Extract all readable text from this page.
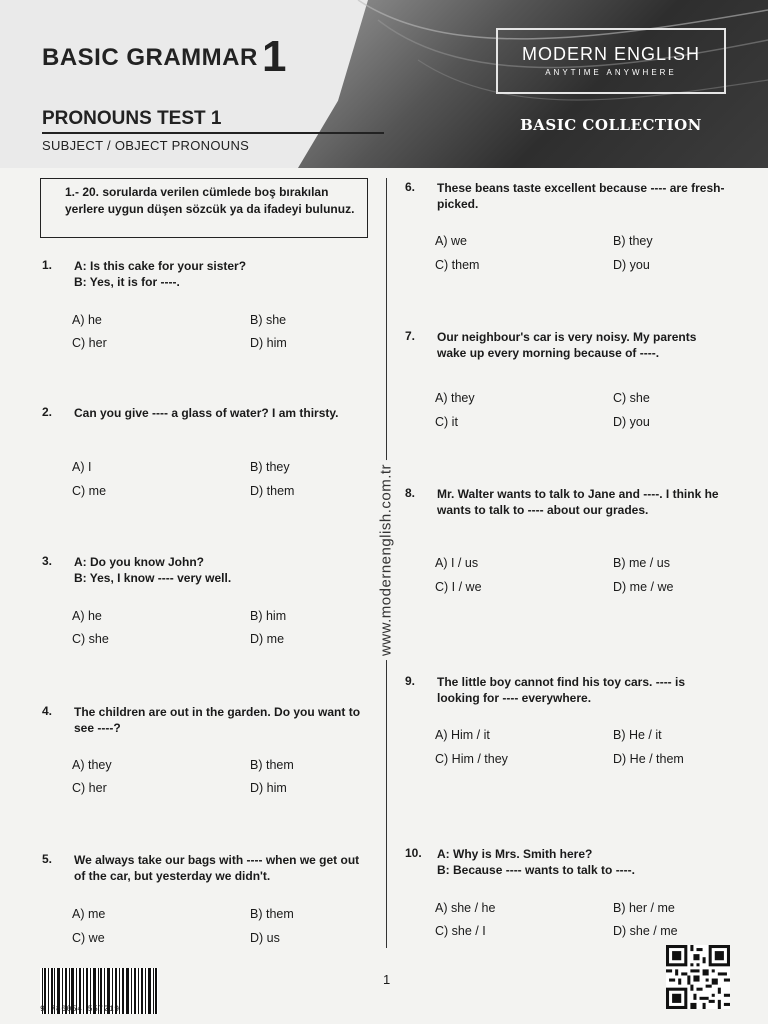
BASIC GRAMMAR 1
PRONOUNS TEST 1
SUBJECT / OBJECT PRONOUNS
MODERN ENGLISH
ANYTIME ANYWHERE
BASIC COLLECTION
1.- 20. sorularda verilen cümlede boş bırakılan yerlere uygun düşen sözcük ya da ifadeyi bulunuz.
www.modernenglish.com.tr
1. A: Is this cake for your sister?
B: Yes, it is for ----.
A) he	B) she
C) her	D) him
2. Can you give ---- a glass of water? I am thirsty.
A) I	B) they
C) me	D) them
3. A: Do you know John?
B: Yes, I know ---- very well.
A) he	B) him
C) she	D) me
4. The children are out in the garden. Do you want to see ----?
A) they	B) them
C) her	D) him
5. We always take our bags with ---- when we get out of the car, but yesterday we didn't.
A) me	B) them
C) we	D) us
6. These beans taste excellent because ---- are fresh-picked.
A) we	B) they
C) them	D) you
7. Our neighbour's car is very noisy. My parents wake up every morning because of ----.
A) they	C) she
C) it	D) you
8. Mr. Walter wants to talk to Jane and ----. I think he wants to talk to ---- about our grades.
A) I / us	B) me / us
C) I / we	D) me / we
9. The little boy cannot find his toy cars. ---- is looking for ---- everywhere.
A) Him / it	B) He / it
C) Him / they	D) He / them
10. A: Why is Mrs. Smith here?
B: Because ---- wants to talk to ----.
A) she / he	B) her / me
C) she / I	D) she / me
9 786054 557219
1
